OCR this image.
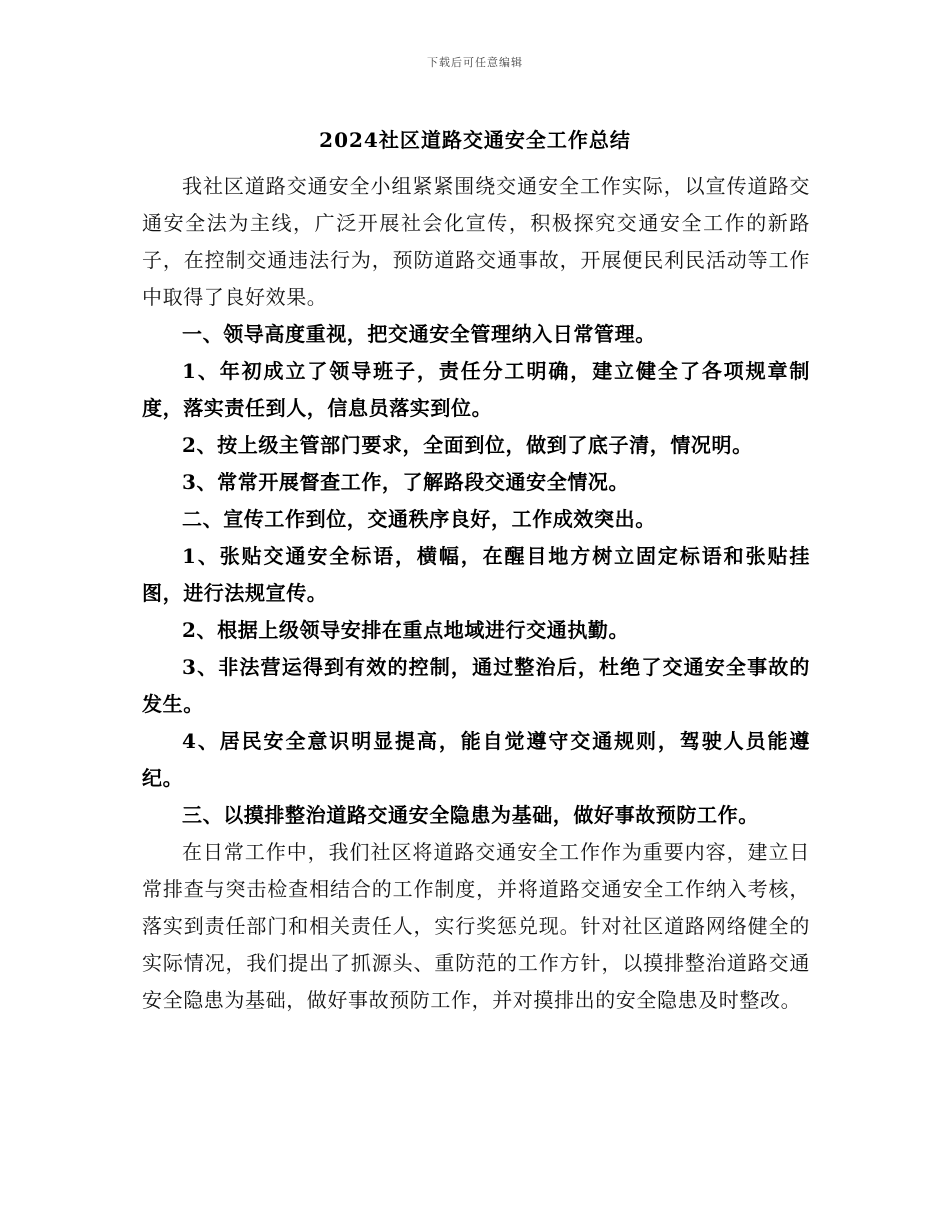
下载后可任意编辑
2024社区道路交通安全工作总结

我社区道路交通安全小组紧紧围绕交通安全工作实际，以宣传道路交通安全法为主线，广泛开展社会化宣传，积极探究交通安全工作的新路子，在控制交通违法行为，预防道路交通事故，开展便民利民活动等工作中取得了良好效果。

一、领导高度重视，把交通安全管理纳入日常管理。

1、年初成立了领导班子，责任分工明确，建立健全了各项规章制度，落实责任到人，信息员落实到位。

2、按上级主管部门要求，全面到位，做到了底子清，情况明。

3、常常开展督查工作，了解路段交通安全情况。

二、宣传工作到位，交通秩序良好，工作成效突出。

1、张贴交通安全标语，横幅，在醒目地方树立固定标语和张贴挂图，进行法规宣传。

2、根据上级领导安排在重点地域进行交通执勤。

3、非法营运得到有效的控制，通过整治后，杜绝了交通安全事故的发生。

4、居民安全意识明显提高，能自觉遵守交通规则，驾驶人员能遵纪。

三、以摸排整治道路交通安全隐患为基础，做好事故预防工作。

在日常工作中，我们社区将道路交通安全工作作为重要内容，建立日常排查与突击检查相结合的工作制度，并将道路交通安全工作纳入考核，落实到责任部门和相关责任人，实行奖惩兑现。针对社区道路网络健全的实际情况，我们提出了抓源头、重防范的工作方针，以摸排整治道路交通安全隐患为基础，做好事故预防工作，并对摸排出的安全隐患及时整改。
